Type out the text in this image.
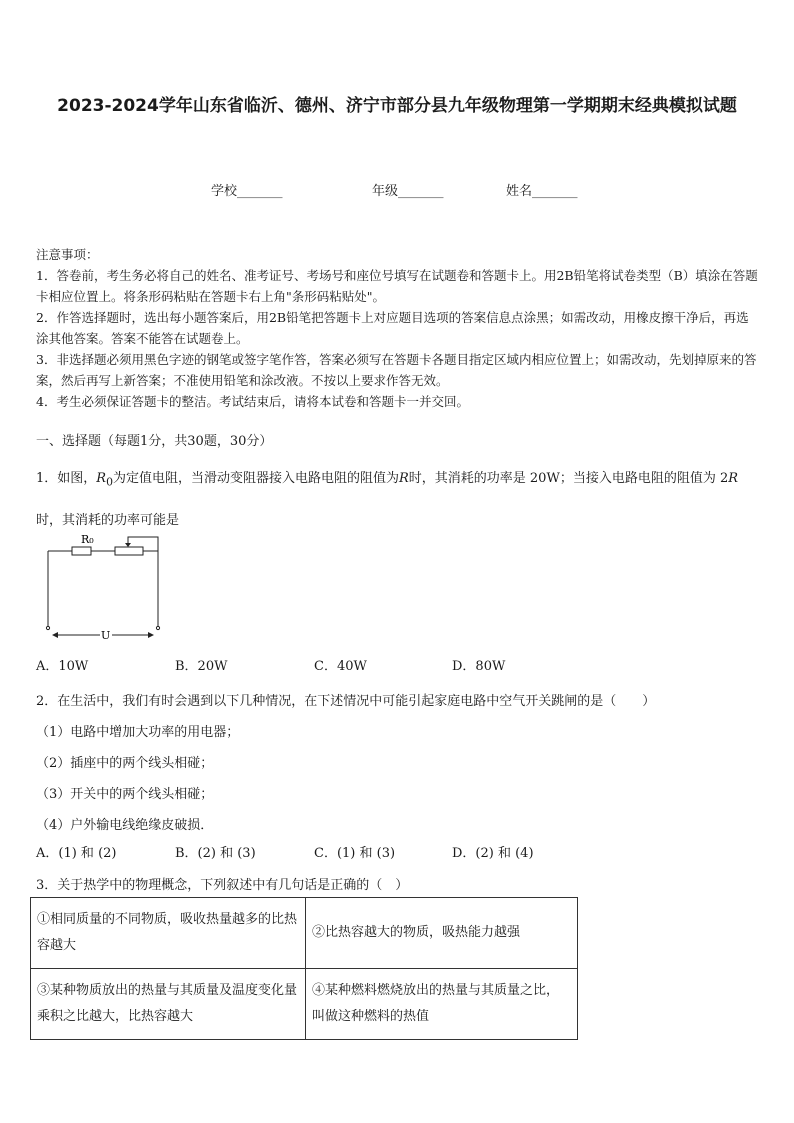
2023-2024学年山东省临沂、德州、济宁市部分县九年级物理第一学期期末经典模拟试题
学校_______	年级_______	姓名_______

注意事项：

1．答卷前，考生务必将自己的姓名、准考证号、考场号和座位号填写在试题卷和答题卡上。用2B铅笔将试卷类型（B）填涂在答题卡相应位置上。将条形码粘贴在答题卡右上角"条形码粘贴处"。

2．作答选择题时，选出每小题答案后，用2B铅笔把答题卡上对应题目选项的答案信息点涂黑；如需改动，用橡皮擦干净后，再选涂其他答案。答案不能答在试题卷上。

3．非选择题必须用黑色字迹的钢笔或签字笔作答，答案必须写在答题卡各题目指定区域内相应位置上；如需改动，先划掉原来的答案，然后再写上新答案；不准使用铅笔和涂改液。不按以上要求作答无效。

4．考生必须保证答题卡的整洁。考试结束后，请将本试卷和答题卡一并交回。

一、选择题（每题1分，共30题，30分）
1．如图，$R_0$为定值电阻，当滑动变阻器接入电路电阻的阻值为R时，其消耗的功率是 20W；当接入电路电阻的阻值为 2R时，其消耗的功率可能是
R₀
U
A．10W	B．20W	C．40W	D．80W

2．在生活中，我们有时会遇到以下几种情况，在下述情况中可能引起家庭电路中空气开关跳闸的是（　　）

（1）电路中增加大功率的用电器；

（2）插座中的两个线头相碰；

（3）开关中的两个线头相碰；

（4）户外输电线绝缘皮破损．

A．(1) 和 (2)	B．(2) 和 (3)	C．(1) 和 (3)	D．(2) 和 (4)
3．关于热学中的物理概念，下列叙述中有几句话是正确的（　）
①相同质量的不同物质，吸收热量越多的比热容越大	②比热容越大的物质，吸热能力越强
③某种物质放出的热量与其质量及温度变化量乘积之比越大，比热容越大	④某种燃料燃烧放出的热量与其质量之比，叫做这种燃料的热值
